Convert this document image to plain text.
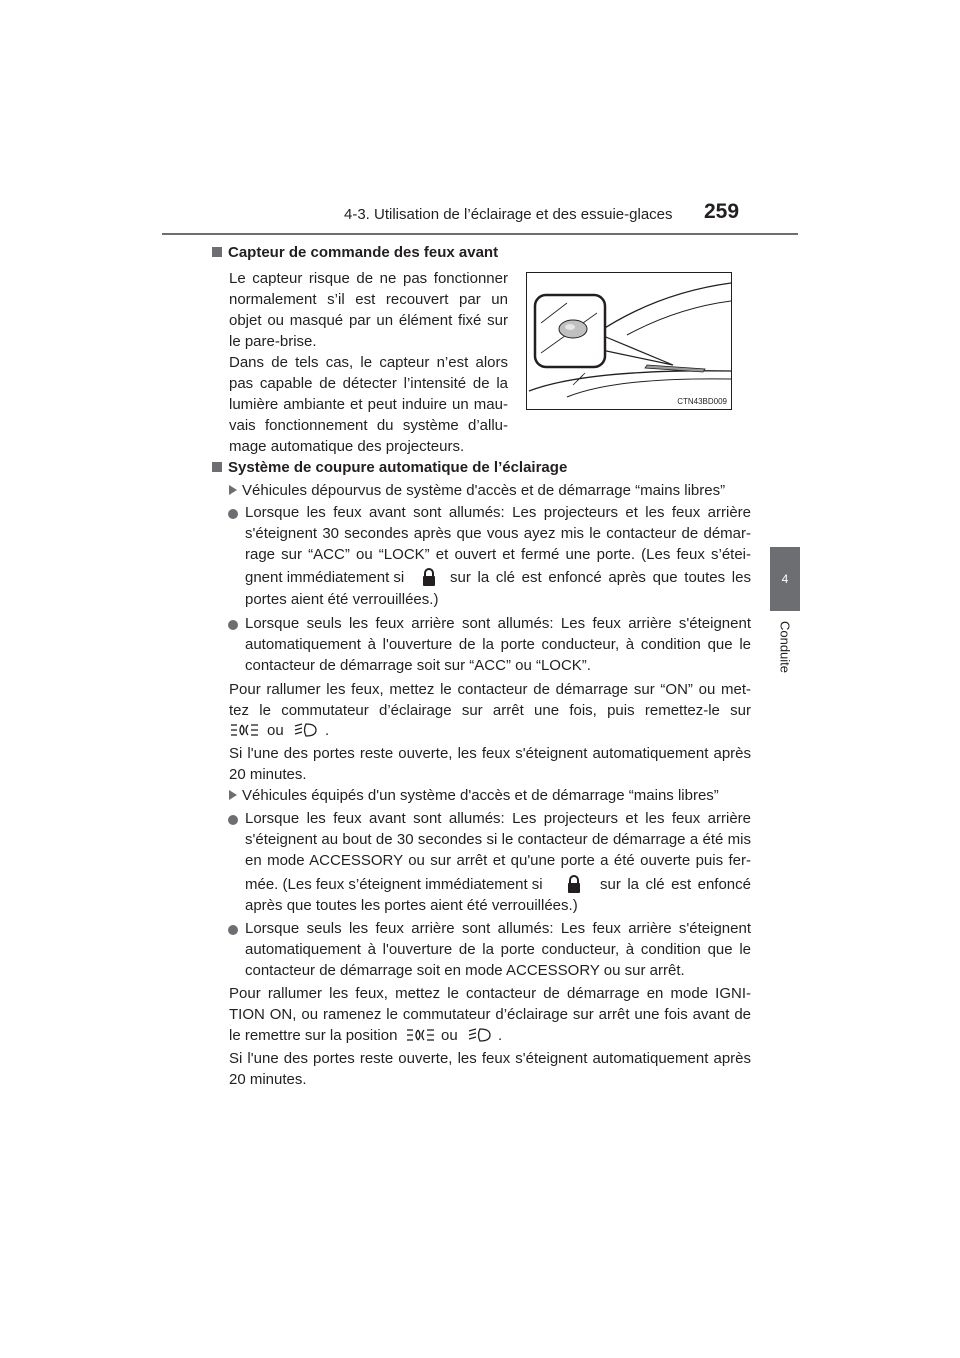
4-3. Utilisation de l’éclairage et des essuie-glaces 259
4
Conduite
Capteur de commande des feux avant
Le capteur risque de ne pas fonctionner
normalement s’il est recouvert par un
objet ou masqué par un élément fixé sur
le pare-brise.
Dans de tels cas, le capteur n’est alors
pas capable de détecter l’intensité de la
lumière ambiante et peut induire un mau-
vais fonctionnement du système d’allu-
mage automatique des projecteurs.
CTN43BD009
Système de coupure automatique de l’éclairage
Véhicules dépourvus de système d'accès et de démarrage “mains libres”
Lorsque les feux avant sont allumés: Les projecteurs et les feux arrière
s'éteignent 30 secondes après que vous ayez mis le contacteur de démar-
rage sur “ACC” ou “LOCK” et ouvert et fermé une porte. (Les feux s’étei-
gnent immédiatement si	sur la clé est enfoncé après que toutes les
portes aient été verrouillées.)
Lorsque seuls les feux arrière sont allumés: Les feux arrière s'éteignent
automatiquement à l'ouverture de la porte conducteur, à condition que le
contacteur de démarrage soit sur “ACC” ou “LOCK”.
Pour rallumer les feux, mettez le contacteur de démarrage sur “ON” ou met-
tez le commutateur d’éclairage sur arrêt une fois, puis remettez-le sur
ou	.
Si l'une des portes reste ouverte, les feux s'éteignent automatiquement après
20 minutes.
Véhicules équipés d'un système d'accès et de démarrage “mains libres”
Lorsque les feux avant sont allumés: Les projecteurs et les feux arrière
s'éteignent au bout de 30 secondes si le contacteur de démarrage a été mis
en mode ACCESSORY ou sur arrêt et qu'une porte a été ouverte puis fer-
mée. (Les feux s’éteignent immédiatement si	sur la clé est enfoncé
après que toutes les portes aient été verrouillées.)
Lorsque seuls les feux arrière sont allumés: Les feux arrière s'éteignent
automatiquement à l'ouverture de la porte conducteur, à condition que le
contacteur de démarrage soit en mode ACCESSORY ou sur arrêt.
Pour rallumer les feux, mettez le contacteur de démarrage en mode IGNI-
TION ON, ou ramenez le commutateur d’éclairage sur arrêt une fois avant de
le remettre sur la position	ou	.
Si l'une des portes reste ouverte, les feux s'éteignent automatiquement après
20 minutes.
